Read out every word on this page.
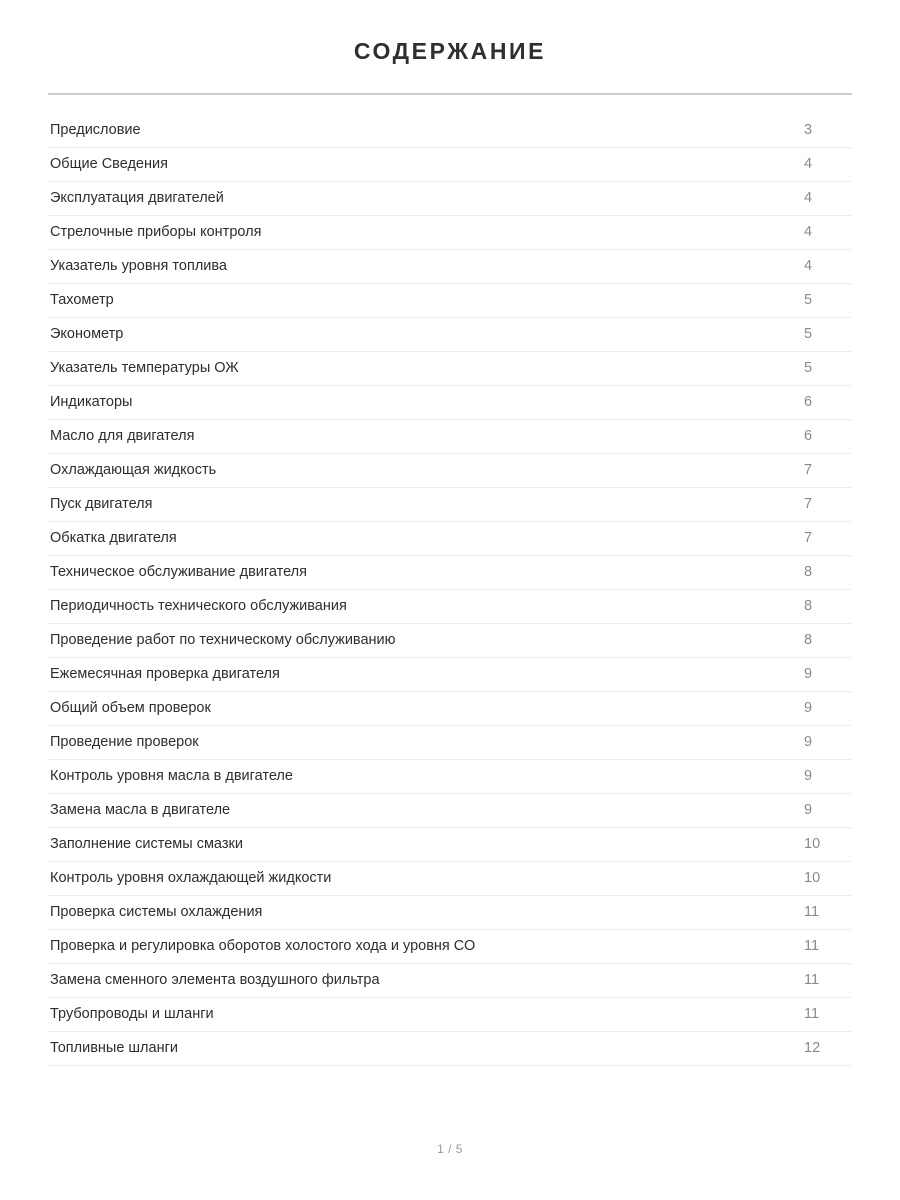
СОДЕРЖАНИЕ
Предисловие	3
Общие Сведения	4
Эксплуатация двигателей	4
Стрелочные приборы контроля	4
Указатель уровня топлива	4
Тахометр	5
Эконометр	5
Указатель температуры ОЖ	5
Индикаторы	6
Масло для двигателя	6
Охлаждающая жидкость	7
Пуск двигателя	7
Обкатка двигателя	7
Техническое обслуживание двигателя	8
Периодичность технического обслуживания	8
Проведение работ по техническому обслуживанию	8
Ежемесячная проверка двигателя	9
Общий объем проверок	9
Проведение проверок	9
Контроль уровня масла в двигателе	9
Замена масла в двигателе	9
Заполнение системы смазки	10
Контроль уровня охлаждающей жидкости	10
Проверка системы охлаждения	11
Проверка и регулировка оборотов холостого хода и уровня СО	11
Замена сменного элемента воздушного фильтра	11
Трубопроводы и шланги	11
Топливные шланги	12
1 / 5
